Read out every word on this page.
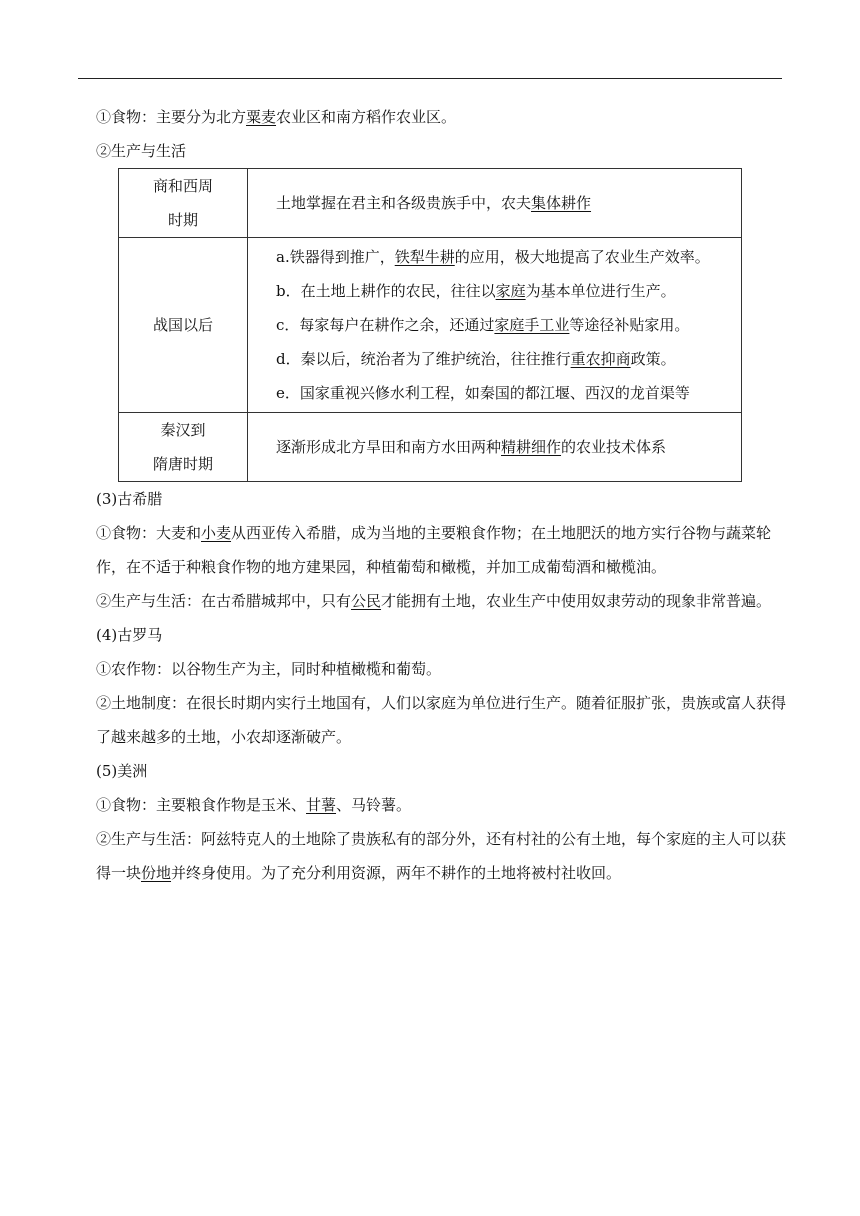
①食物：主要分为北方粟麦农业区和南方稻作农业区。
②生产与生活
商和西周
时期	土地掌握在君主和各级贵族手中，农夫集体耕作
战国以后	a.铁器得到推广，铁犁牛耕的应用，极大地提高了农业生产效率。
b．在土地上耕作的农民，往往以家庭为基本单位进行生产。
c．每家每户在耕作之余，还通过家庭手工业等途径补贴家用。
d．秦以后，统治者为了维护统治，往往推行重农抑商政策。
e．国家重视兴修水利工程，如秦国的都江堰、西汉的龙首渠等

秦汉到
隋唐时期	逐渐形成北方旱田和南方水田两种精耕细作的农业技术体系
(3)古希腊
①食物：大麦和小麦从西亚传入希腊，成为当地的主要粮食作物；在土地肥沃的地方实行谷物与蔬菜轮作，在不适于种粮食作物的地方建果园，种植葡萄和橄榄，并加工成葡萄酒和橄榄油。
②生产与生活：在古希腊城邦中，只有公民才能拥有土地，农业生产中使用奴隶劳动的现象非常普遍。
(4)古罗马
①农作物：以谷物生产为主，同时种植橄榄和葡萄。
②土地制度：在很长时期内实行土地国有，人们以家庭为单位进行生产。随着征服扩张，贵族或富人获得了越来越多的土地，小农却逐渐破产。
(5)美洲
①食物：主要粮食作物是玉米、甘薯、马铃薯。
②生产与生活：阿兹特克人的土地除了贵族私有的部分外，还有村社的公有土地，每个家庭的主人可以获得一块份地并终身使用。为了充分利用资源，两年不耕作的土地将被村社收回。
